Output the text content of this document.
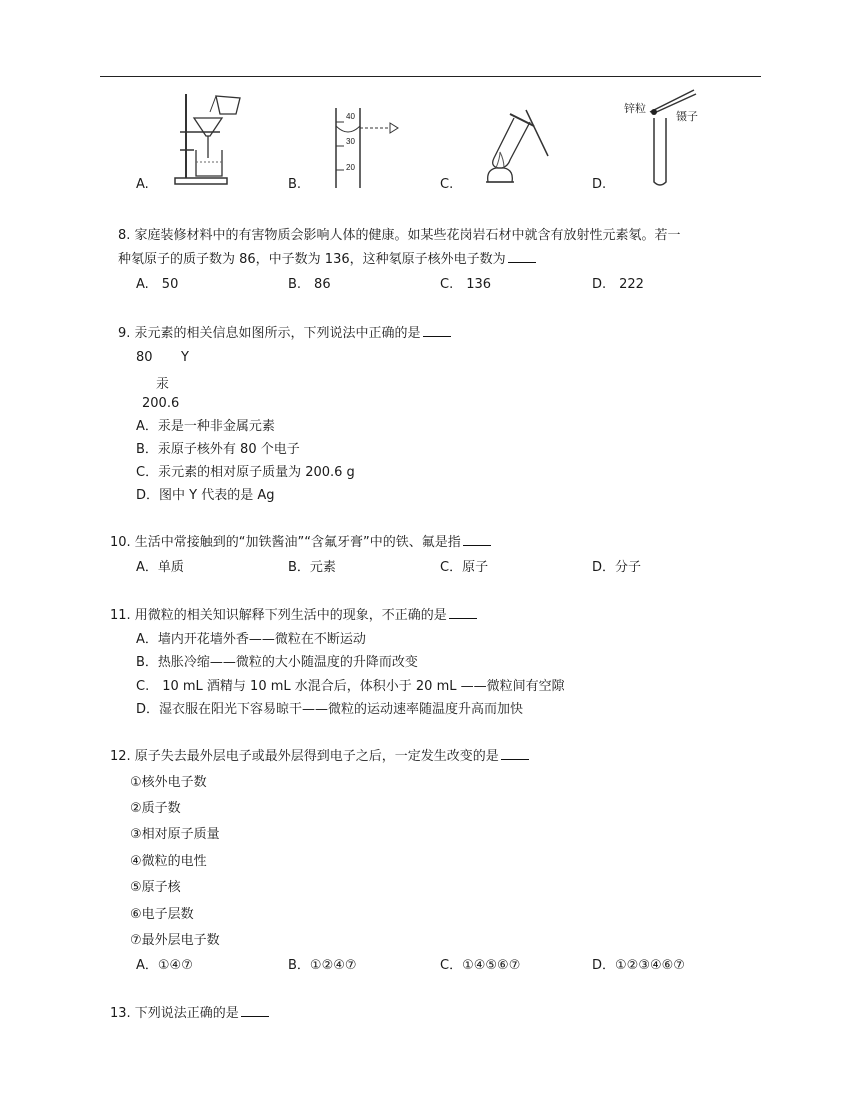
A.
40
30
20
B.	C.
锌粒
镊子
D.
8. 家庭装修材料中的有害物质会影响人体的健康。如某些花岗岩石材中就含有放射性元素氡。若一
种氡原子的质子数为 86，中子数为 136，这种氡原子核外电子数为
A.　50	B.　86	C.　136	D.　222
9. 汞元素的相关信息如图所示，下列说法中正确的是
80 Y
汞
200.6
A．汞是一种非金属元素
B．汞原子核外有 80 个电子
C．汞元素的相对原子质量为 200.6 g
D．图中 Y 代表的是 Ag
10. 生活中常接触到的“加铁酱油”“含氟牙膏”中的铁、氟是指
A．单质	B．元素	C．原子	D．分子
11. 用微粒的相关知识解释下列生活中的现象，不正确的是
A．墙内开花墙外香——微粒在不断运动
B．热胀冷缩——微粒的大小随温度的升降而改变
C.　10 mL 酒精与 10 mL 水混合后，体积小于 20 mL ——微粒间有空隙
D．湿衣服在阳光下容易晾干——微粒的运动速率随温度升高而加快
12. 原子失去最外层电子或最外层得到电子之后，一定发生改变的是
①核外电子数
②质子数
③相对原子质量
④微粒的电性
⑤原子核
⑥电子层数
⑦最外层电子数
A．①④⑦	B．①②④⑦	C．①④⑤⑥⑦	D．①②③④⑥⑦
13. 下列说法正确的是
